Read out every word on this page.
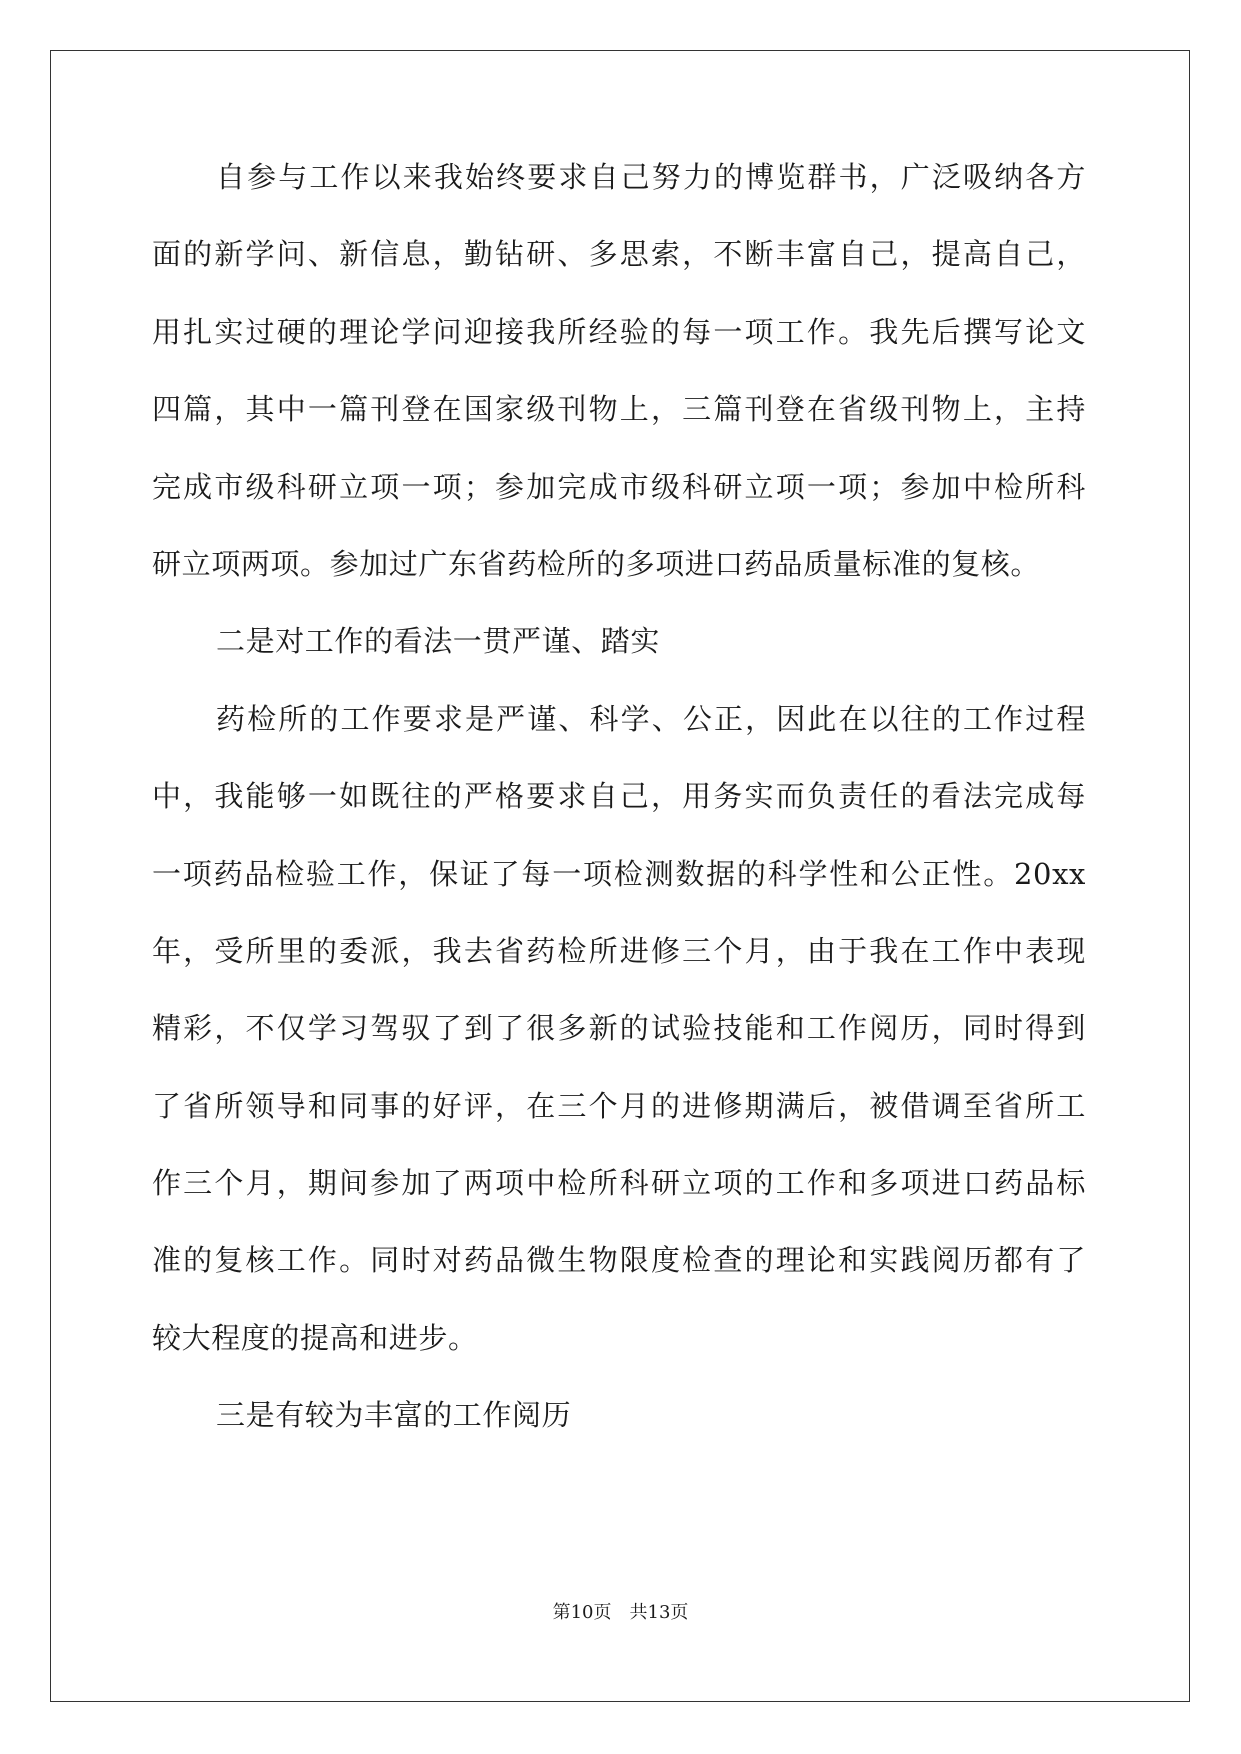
自参与工作以来我始终要求自己努力的博览群书，广泛吸纳各方
面的新学问、新信息，勤钻研、多思索，不断丰富自己，提高自己，
用扎实过硬的理论学问迎接我所经验的每一项工作。我先后撰写论文
四篇，其中一篇刊登在国家级刊物上，三篇刊登在省级刊物上，主持
完成市级科研立项一项；参加完成市级科研立项一项；参加中检所科
研立项两项。参加过广东省药检所的多项进口药品质量标准的复核。
二是对工作的看法一贯严谨、踏实
药检所的工作要求是严谨、科学、公正，因此在以往的工作过程
中，我能够一如既往的严格要求自己，用务实而负责任的看法完成每
一项药品检验工作，保证了每一项检测数据的科学性和公正性。20xx
年，受所里的委派，我去省药检所进修三个月，由于我在工作中表现
精彩，不仅学习驾驭了到了很多新的试验技能和工作阅历，同时得到
了省所领导和同事的好评，在三个月的进修期满后，被借调至省所工
作三个月，期间参加了两项中检所科研立项的工作和多项进口药品标
准的复核工作。同时对药品微生物限度检查的理论和实践阅历都有了
较大程度的提高和进步。
三是有较为丰富的工作阅历
第10页 共13页
